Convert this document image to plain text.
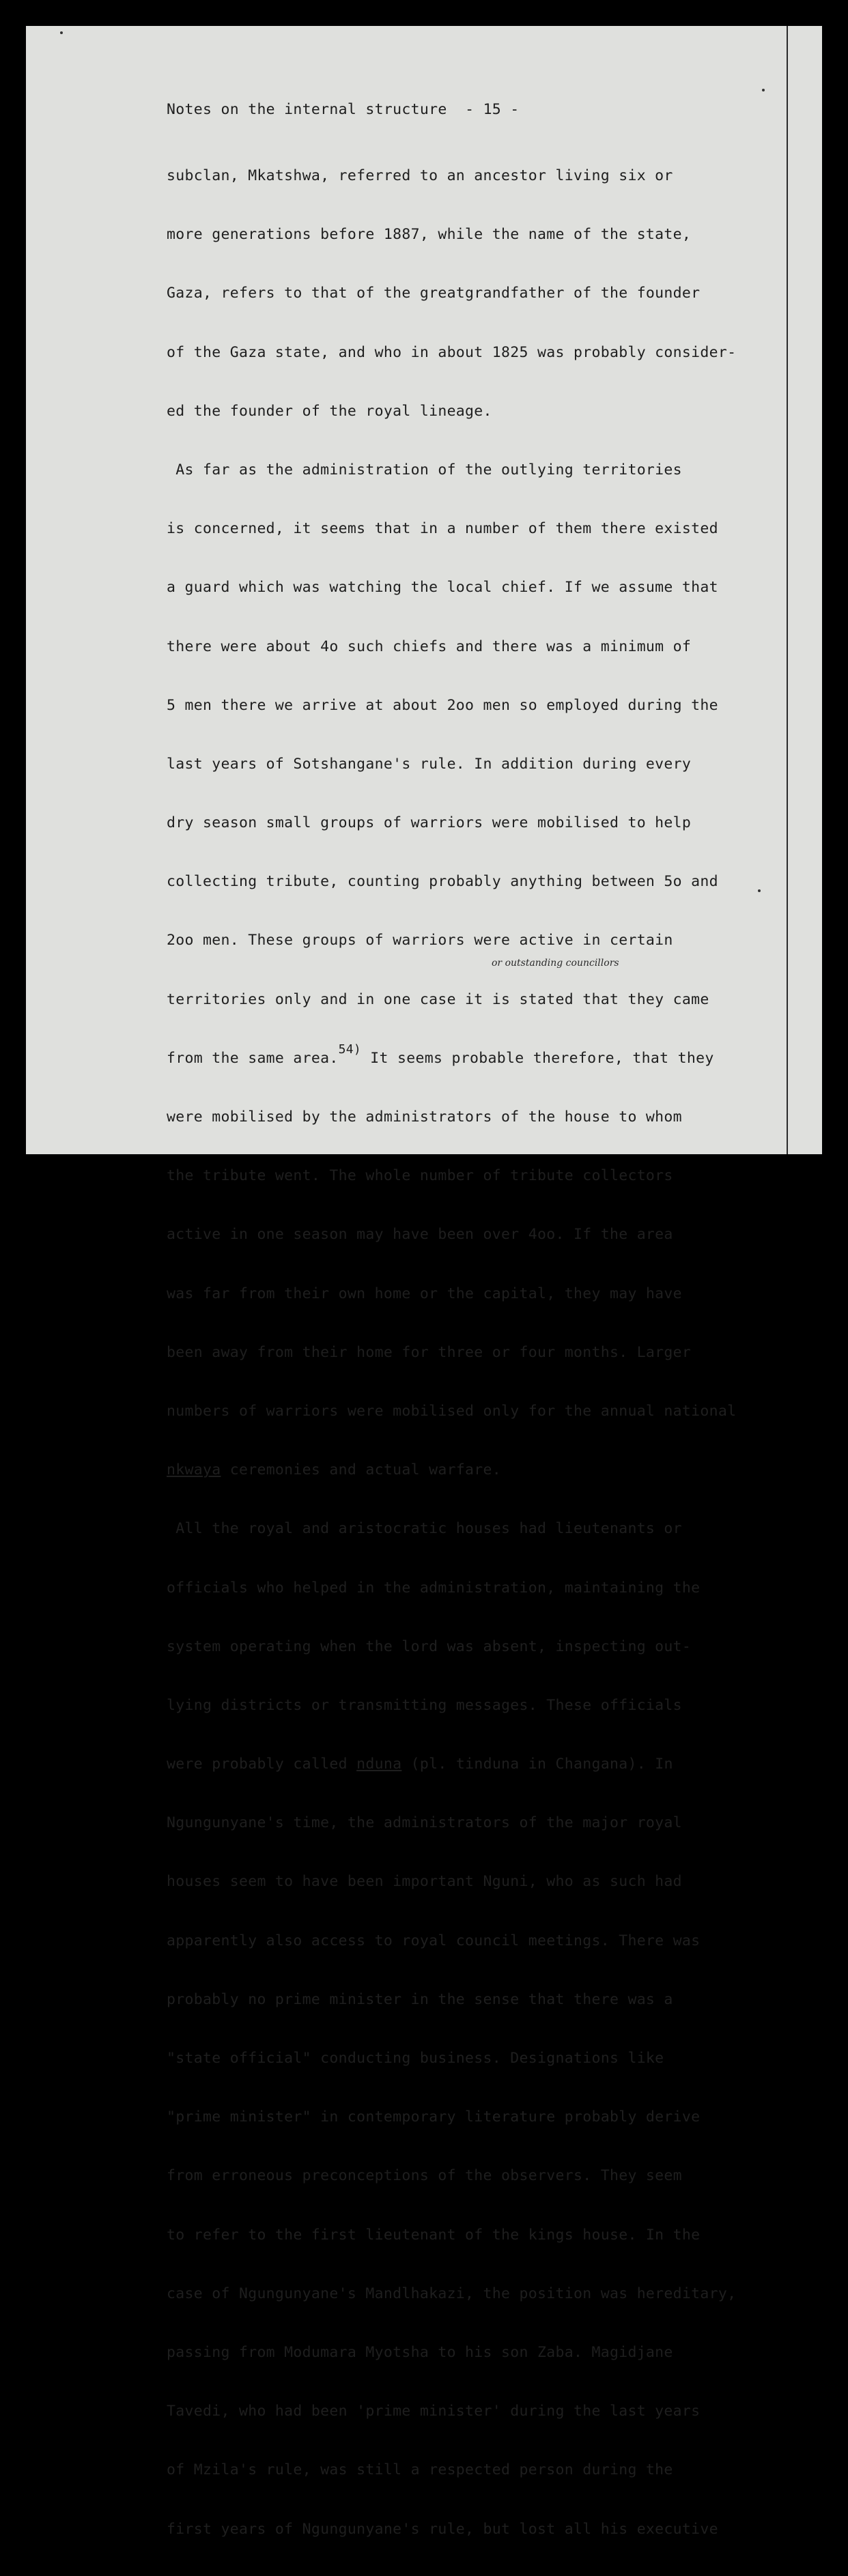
Notes on the internal structure - 15 -

subclan, Mkatshwa, referred to an ancestor living six or

more generations before 1887, while the name of the state,

Gaza, refers to that of the greatgrandfather of the founder

of the Gaza state, and who in about 1825 was probably consider-

ed the founder of the royal lineage.

As far as the administration of the outlying territories

is concerned, it seems that in a number of them there existed

a guard which was watching the local chief. If we assume that

there were about 4o such chiefs and there was a minimum of

5 men there we arrive at about 2oo men so employed during the

last years of Sotshangane's rule. In addition during every

dry season small groups of warriors were mobilised to help

collecting tribute, counting probably anything between 5o and

2oo men. These groups of warriors were active in certain

territories only and in one case it is stated that they came

from the same area.$^{54)}$ It seems probable therefore, that they

were mobilised by the administrators of the house to whom

the tribute went. The whole number of tribute collectors

active in one season may have been over 4oo. If the area

was far from their own home or the capital, they may have

been away from their home for three or four months. Larger

numbers of warriors were mobilised only for the annual national

nkwaya ceremonies and actual warfare.

All the royal and aristocratic houses had lieutenants or

officials who helped in the administration, maintaining the

system operating when the lord was absent, inspecting out-

lying districts or transmitting messages. These officials

were probably called nduna (pl. tinduna in Changana). In

Ngungunyane's time, the administrators of the major royal

houses seem to have been important Nguni, who as such had

apparently also access to royal council meetings. There was

probably no prime minister in the sense that there was a

"state official" conducting business. Designations like

"prime minister" in contemporary literature probably derive

from erroneous preconceptions of the observers. They seem

to refer to the first lieutenant of the kings house. In the

case of Ngungunyane's Mandlhakazi, the position was hereditary,

passing from Modumara Myotsha to his son Zaba. Magidjane

Tavedi, who had been 'prime minister' during the last years

of Mzila's rule, was still a respected person during the

first years of Ngungunyane's rule, but lost all his executive

or outstanding councillors
